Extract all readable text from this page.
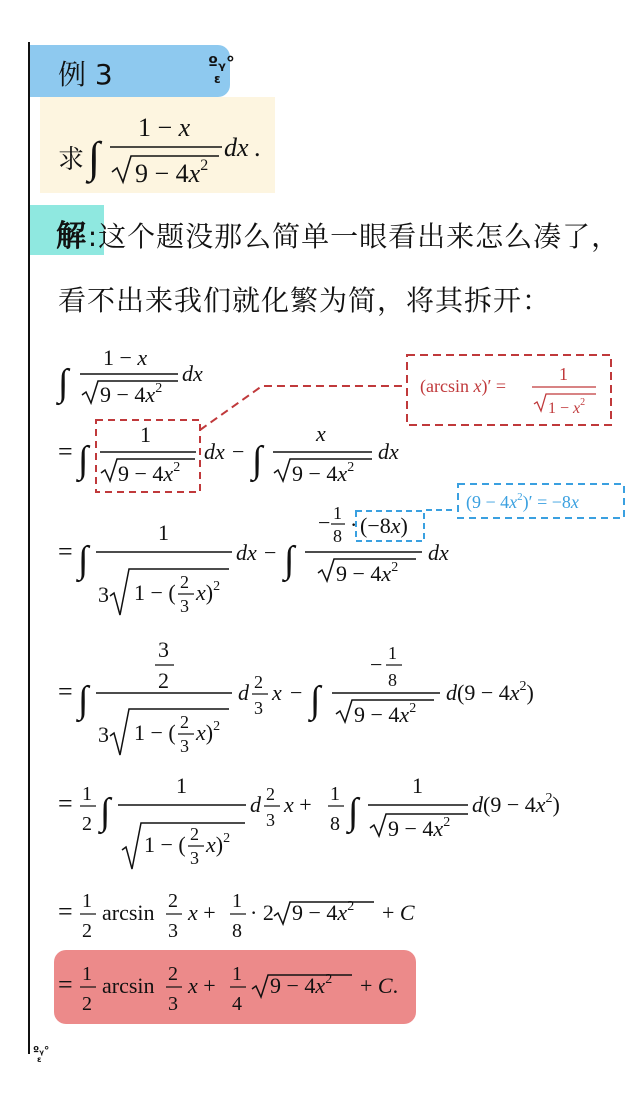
例 3	ºᵧ°
ε
解 :这个题没那么简单一眼看出来怎么凑了，看不出来我们就化繁为简，将其拆开：
ºᵧ°
ε
求 ∫
1 − x
$9 - 4x^2$
dx .
∫
1 − x
$9 - 4x^2$
dx	(arcsin x)′ =
1
$1 - x^2$
= ∫
1
$9 - 4x^2$
dx − ∫
x
$9 - 4x^2$
dx
$(9 - 4x^2)' = -8x$
= ∫
1
3 1 − ( 2
3
x)$^2$
dx − ∫
− 1
8 · (−8x)
$9 - 4x^2$
dx
= ∫
3
2
3 1 − ( 2
3
x)$^2$
d 2
3
x − ∫
− 1
8
$9 - 4x^2$
$d(9 - 4x^2)$
= 1
2 ∫
1
1 − ( 2
3
x)$^2$
d 2
3
x + 1
8 ∫
1
$9 - 4x^2$
$d(9 - 4x^2)$
= 1
2
arcsin 2
3
x + 1
8
· 2 $9 - 4x^2 + C$
= 1
2
arcsin 2
3
x + 1
4
$9 - 4x^2 + C$.
